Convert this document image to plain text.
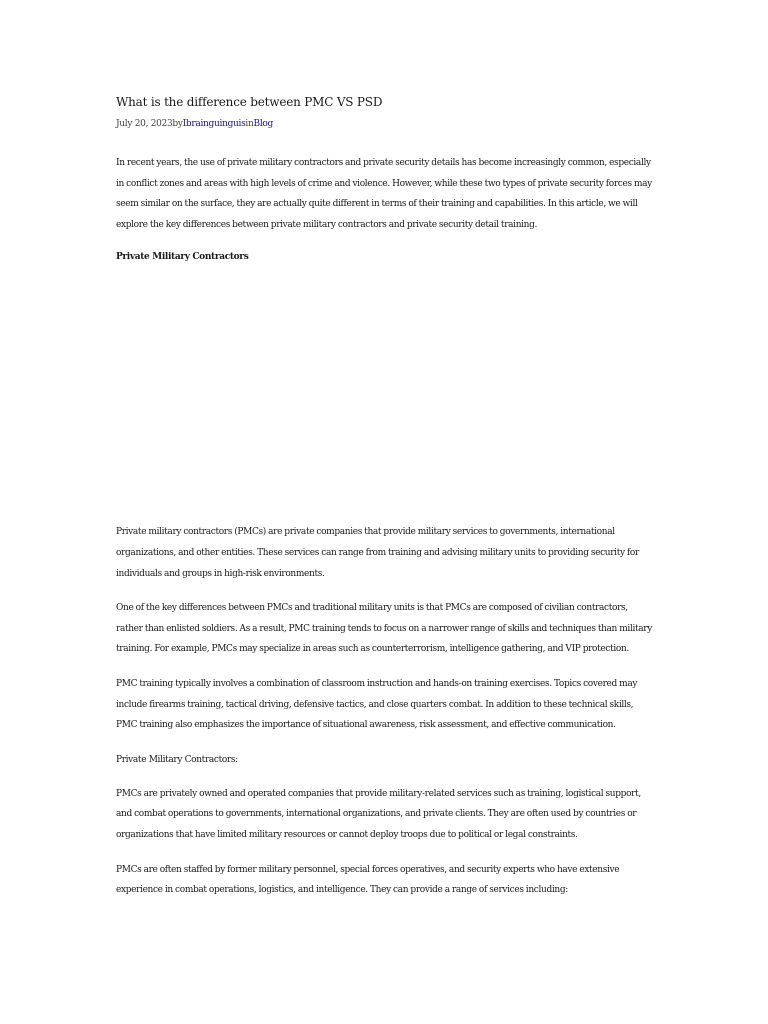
What is the difference between PMC VS PSD
July 20, 2023byIbrainguinguisinBlog

In recent years, the use of private military contractors and private security details has become increasingly common, especially in conflict zones and areas with high levels of crime and violence. However, while these two types of private security forces may seem similar on the surface, they are actually quite different in terms of their training and capabilities. In this article, we will explore the key differences between private military contractors and private security detail training.

Private Military Contractors

Private military contractors (PMCs) are private companies that provide military services to governments, international organizations, and other entities. These services can range from training and advising military units to providing security for individuals and groups in high-risk environments.

One of the key differences between PMCs and traditional military units is that PMCs are composed of civilian contractors, rather than enlisted soldiers. As a result, PMC training tends to focus on a narrower range of skills and techniques than military training. For example, PMCs may specialize in areas such as counterterrorism, intelligence gathering, and VIP protection.

PMC training typically involves a combination of classroom instruction and hands-on training exercises. Topics covered may include firearms training, tactical driving, defensive tactics, and close quarters combat. In addition to these technical skills, PMC training also emphasizes the importance of situational awareness, risk assessment, and effective communication.

Private Military Contractors:

PMCs are privately owned and operated companies that provide military-related services such as training, logistical support, and combat operations to governments, international organizations, and private clients. They are often used by countries or organizations that have limited military resources or cannot deploy troops due to political or legal constraints.

PMCs are often staffed by former military personnel, special forces operatives, and security experts who have extensive experience in combat operations, logistics, and intelligence. They can provide a range of services including:
